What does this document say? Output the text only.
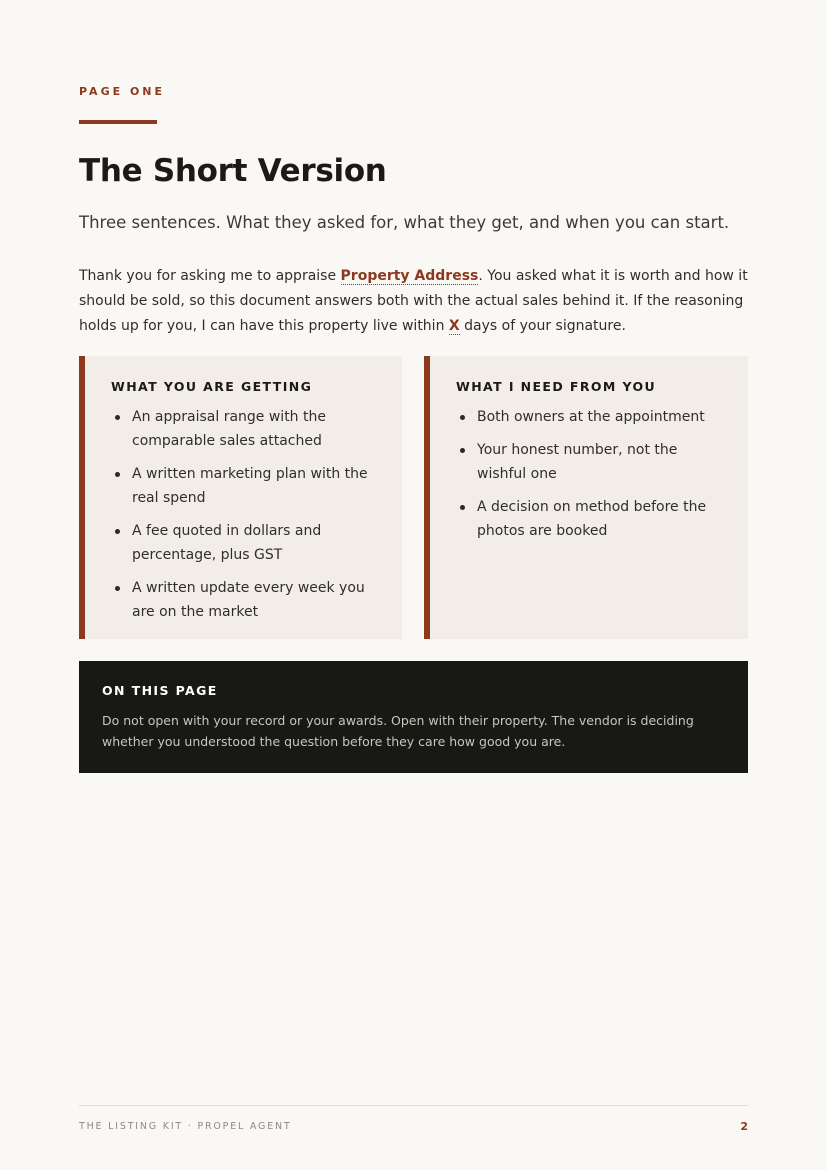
PAGE ONE
The Short Version

Three sentences. What they asked for, what they get, and when you can start.

Thank you for asking me to appraise Property Address. You asked what it is worth and how it should be sold, so this document answers both with the actual sales behind it. If the reasoning holds up for you, I can have this property live within X days of your signature.

WHAT YOU ARE GETTING
An appraisal range with the comparable sales attached
A written marketing plan with the real spend
A fee quoted in dollars and percentage, plus GST
A written update every week you are on the market
WHAT I NEED FROM YOU
Both owners at the appointment
Your honest number, not the wishful one
A decision on method before the photos are booked
ON THIS PAGE

Do not open with your record or your awards. Open with their property. The vendor is deciding whether you understood the question before they care how good you are.

THE LISTING KIT · PROPEL AGENT	2
